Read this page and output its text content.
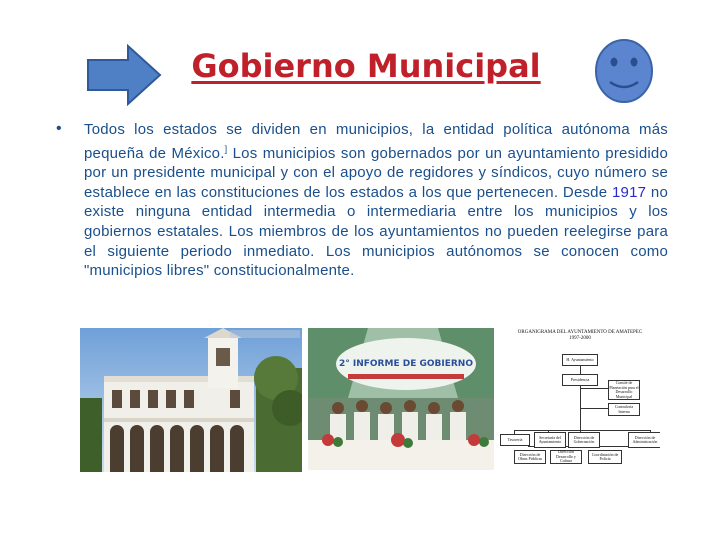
Gobierno Municipal
• Todos los estados se dividen en municipios, la entidad política autónoma más pequeña de México.] Los municipios son gobernados por un ayuntamiento presidido por un presidente municipal y con el apoyo de regidores y síndicos, cuyo número se establece en las constituciones de los estados a los que pertenecen. Desde 1917 no existe ninguna entidad intermedia o intermediaria entre los municipios y los gobiernos estatales. Los miembros de los ayuntamientos no pueden reelegirse para el siguiente periodo inmediato. Los municipios autónomos se conocen como "municipios libres" constitucionalmente.
2° INFORME DE GOBIERNO
ORGANIGRAMA DEL AYUNTAMIENTO DE AMATEPEC
1997-2000
H. Ayuntamiento
Presidencia
Comité de Planeación para el Desarrollo Municipal
Contraloría Interna
Tesorería	Secretaría del Ayuntamiento
Dirección de Gobernación
Dirección de Administración
Dirección de Obras Públicas
Dirección Desarrollo y Cultura
Coordinación de Policía
